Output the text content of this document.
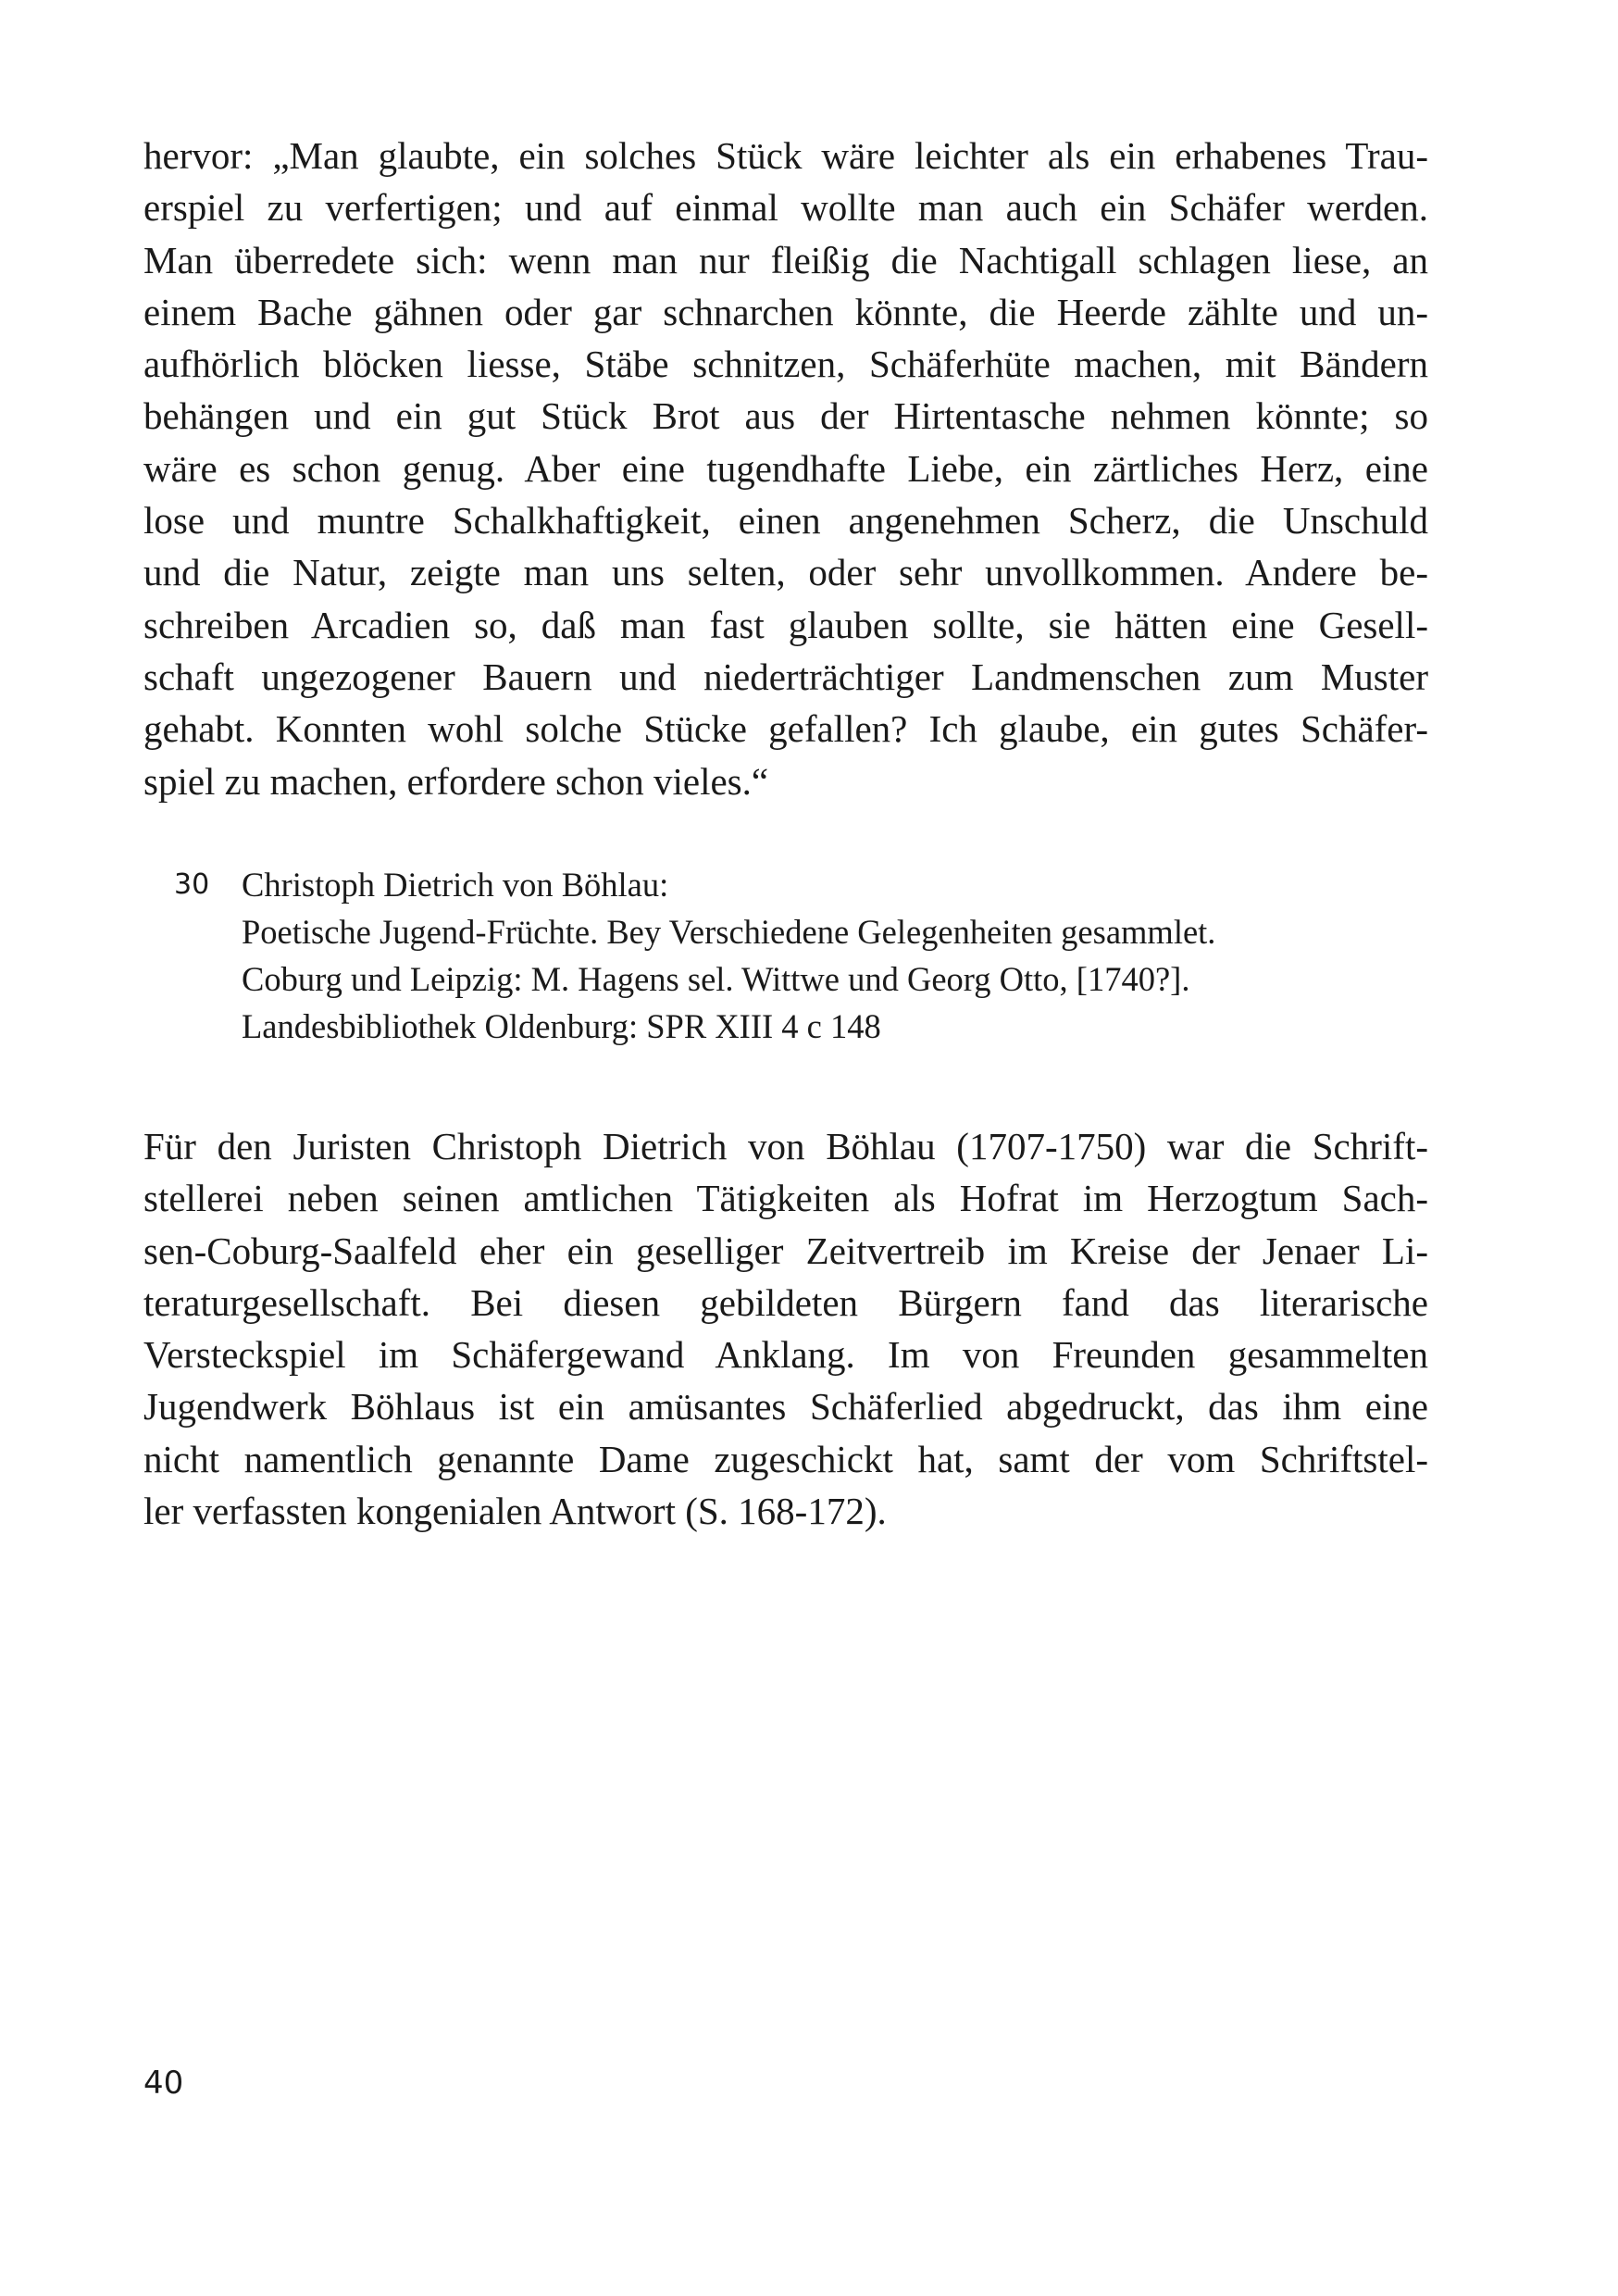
hervor: „Man glaubte, ein solches Stück wäre leichter als ein erhabenes Trau-
erspiel zu verfertigen; und auf einmal wollte man auch ein Schäfer werden.
Man überredete sich: wenn man nur fleißig die Nachtigall schlagen liese, an
einem Bache gähnen oder gar schnarchen könnte, die Heerde zählte und un-
aufhörlich blöcken liesse, Stäbe schnitzen, Schäferhüte machen, mit Bändern
behängen und ein gut Stück Brot aus der Hirtentasche nehmen könnte; so
wäre es schon genug. Aber eine tugendhafte Liebe, ein zärtliches Herz, eine
lose und muntre Schalkhaftigkeit, einen angenehmen Scherz, die Unschuld
und die Natur, zeigte man uns selten, oder sehr unvollkommen. Andere be-
schreiben Arcadien so, daß man fast glauben sollte, sie hätten eine Gesell-
schaft ungezogener Bauern und niederträchtiger Landmenschen zum Muster
gehabt. Konnten wohl solche Stücke gefallen? Ich glaube, ein gutes Schäfer-
spiel zu machen, erfordere schon vieles.“
30 Christoph Dietrich von Böhlau:
Poetische Jugend-Früchte. Bey Verschiedene Gelegenheiten gesammlet.
Coburg und Leipzig: M. Hagens sel. Wittwe und Georg Otto, [1740?].
Landesbibliothek Oldenburg: SPR XIII 4 c 148
Für den Juristen Christoph Dietrich von Böhlau (1707-1750) war die Schrift-
stellerei neben seinen amtlichen Tätigkeiten als Hofrat im Herzogtum Sach-
sen-Coburg-Saalfeld eher ein geselliger Zeitvertreib im Kreise der Jenaer Li-
teraturgesellschaft. Bei diesen gebildeten Bürgern fand das literarische
Versteckspiel im Schäfergewand Anklang. Im von Freunden gesammelten
Jugendwerk Böhlaus ist ein amüsantes Schäferlied abgedruckt, das ihm eine
nicht namentlich genannte Dame zugeschickt hat, samt der vom Schriftstel-
ler verfassten kongenialen Antwort (S. 168-172).
40
